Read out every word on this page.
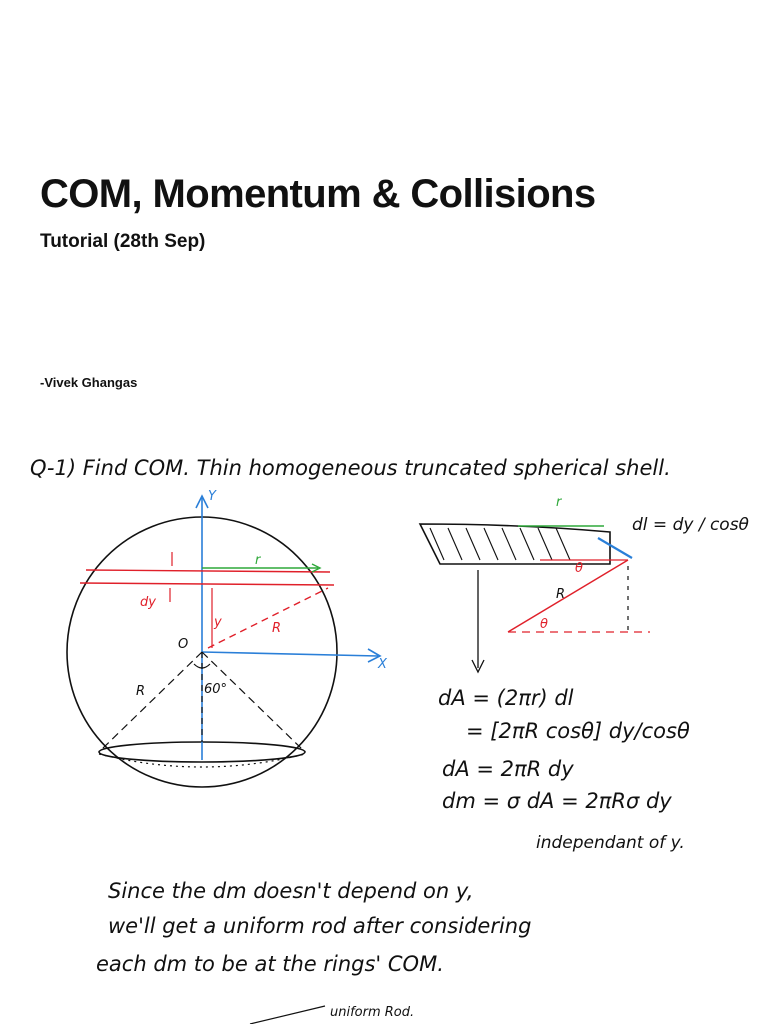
COM, Momentum & Collisions
Tutorial (28th Sep)

-Vivek Ghangas

Q-1) Find COM. Thin homogeneous truncated spherical shell.
Y
X
O
r
dy
R
y
60°
R
r
dl = dy / cosθ
θ
R
θ
dA = (2πr) dl
= [2πR cosθ] dy/cosθ
dA = 2πR dy
dm = σ dA = 2πRσ dy
independant of y.
Since the dm doesn't depend on y,
we'll get a uniform rod after considering
each dm to be at the rings' COM.
uniform Rod.
